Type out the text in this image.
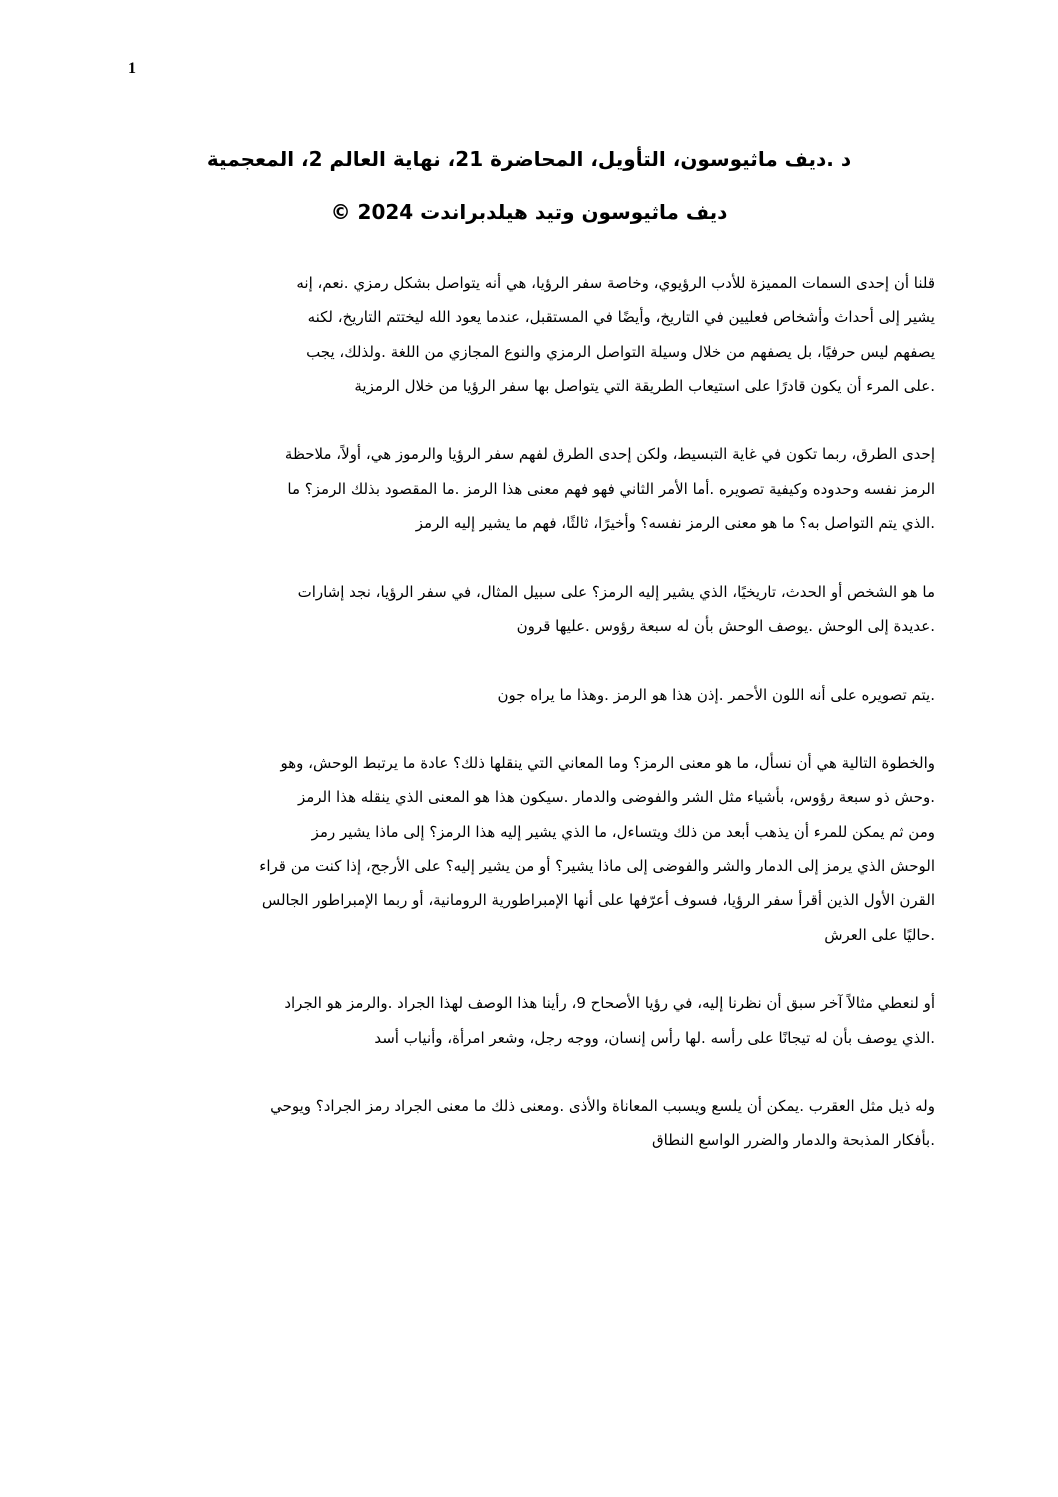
1
د .ديف ماثيوسون، التأويل، المحاضرة 21، نهاية العالم 2، المعجمية
ديف ماثيوسون وتيد هيلدبراندت 2024 ©

قلنا أن إحدى السمات المميزة للأدب الرؤيوي، وخاصة سفر الرؤيا، هي أنه يتواصل بشكل رمزي .نعم، إنه
يشير إلى أحداث وأشخاص فعليين في التاريخ، وأيضًا في المستقبل، عندما يعود الله ليختتم التاريخ، لكنه
يصفهم ليس حرفيًا، بل يصفهم من خلال وسيلة التواصل الرمزي والنوع المجازي من اللغة .ولذلك، يجب
.على المرء أن يكون قادرًا على استيعاب الطريقة التي يتواصل بها سفر الرؤيا من خلال الرمزية

إحدى الطرق، ربما تكون في غاية التبسيط، ولكن إحدى الطرق لفهم سفر الرؤيا والرموز هي، أولاً، ملاحظة
الرمز نفسه وحدوده وكيفية تصويره .أما الأمر الثاني فهو فهم معنى هذا الرمز .ما المقصود بذلك الرمز؟ ما
.الذي يتم التواصل به؟ ما هو معنى الرمز نفسه؟ وأخيرًا، ثالثًا، فهم ما يشير إليه الرمز

ما هو الشخص أو الحدث، تاريخيًا، الذي يشير إليه الرمز؟ على سبيل المثال، في سفر الرؤيا، نجد إشارات
.عديدة إلى الوحش .يوصف الوحش بأن له سبعة رؤوس .عليها قرون

.يتم تصويره على أنه اللون الأحمر .إذن هذا هو الرمز .وهذا ما يراه جون

والخطوة التالية هي أن نسأل، ما هو معنى الرمز؟ وما المعاني التي ينقلها ذلك؟ عادة ما يرتبط الوحش، وهو
.وحش ذو سبعة رؤوس، بأشياء مثل الشر والفوضى والدمار .سيكون هذا هو المعنى الذي ينقله هذا الرمز
ومن ثم يمكن للمرء أن يذهب أبعد من ذلك ويتساءل، ما الذي يشير إليه هذا الرمز؟ إلى ماذا يشير رمز
الوحش الذي يرمز إلى الدمار والشر والفوضى إلى ماذا يشير؟ أو من يشير إليه؟ على الأرجح، إذا كنت من قراء
القرن الأول الذين أقرأ سفر الرؤيا، فسوف أعرّفها على أنها الإمبراطورية الرومانية، أو ربما الإمبراطور الجالس
.حاليًا على العرش

أو لنعطي مثالاً آخر سبق أن نظرنا إليه، في رؤيا الأصحاح 9، رأينا هذا الوصف لهذا الجراد .والرمز هو الجراد
.الذي يوصف بأن له تيجانًا على رأسه .لها رأس إنسان، ووجه رجل، وشعر امرأة، وأنياب أسد

وله ذيل مثل العقرب .يمكن أن يلسع ويسبب المعاناة والأذى .ومعنى ذلك ما معنى الجراد رمز الجراد؟ ويوحي
.بأفكار المذبحة والدمار والضرر الواسع النطاق
